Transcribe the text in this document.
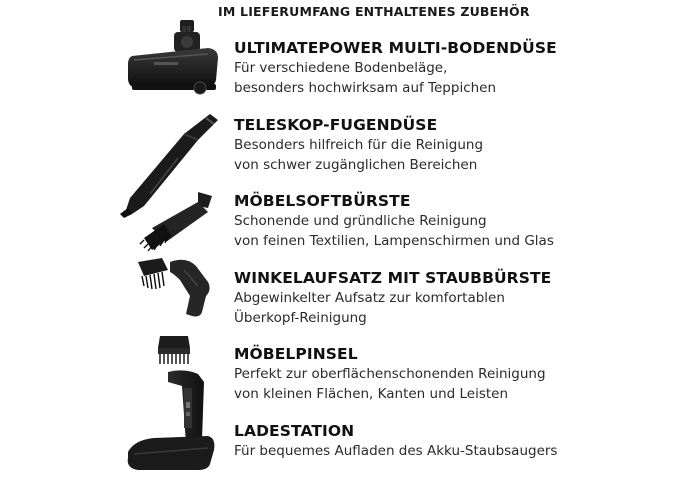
IM LIEFERUMFANG ENTHALTENES ZUBEHÖR
ULTIMATEPOWER MULTI-BODENDÜSE
Für verschiedene Bodenbeläge,
besonders hochwirksam auf Teppichen
TELESKOP-FUGENDÜSE
Besonders hilfreich für die Reinigung
von schwer zugänglichen Bereichen
MÖBELSOFTBÜRSTE
Schonende und gründliche Reinigung
von feinen Textilien, Lampenschirmen und Glas
WINKELAUFSATZ MIT STAUBBÜRSTE
Abgewinkelter Aufsatz zur komfortablen
Überkopf-Reinigung
MÖBELPINSEL
Perfekt zur oberflächenschonenden Reinigung
von kleinen Flächen, Kanten und Leisten
LADESTATION
Für bequemes Aufladen des Akku-Staubsaugers
